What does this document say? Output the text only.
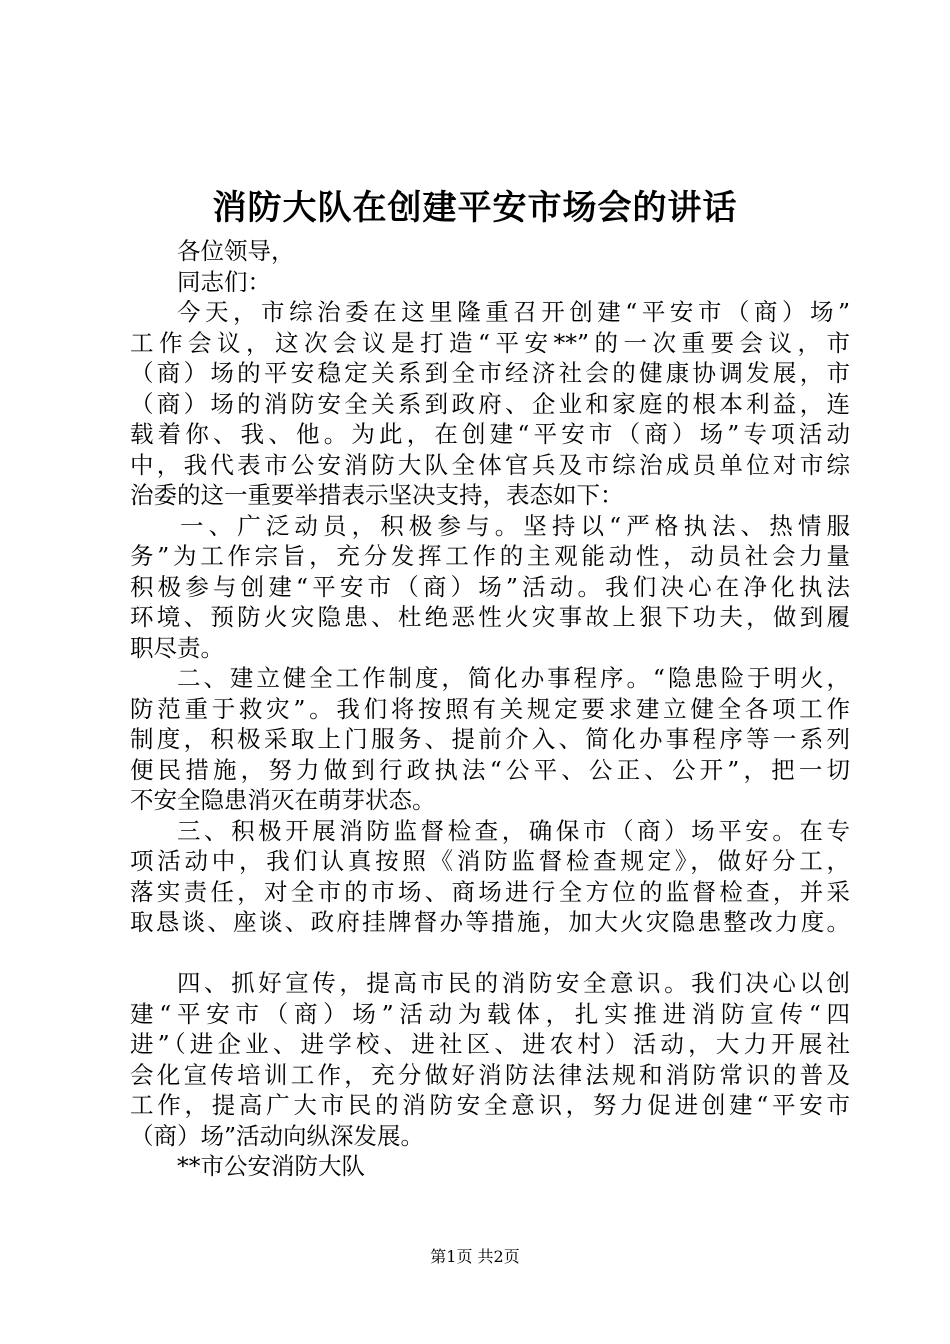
消防大队在创建平安市场会的讲话
各位领导，
同志们：
今天，市综治委在这里隆重召开创建“平安市（商）场”
工作会议，这次会议是打造“平安**”的一次重要会议，市
（商）场的平安稳定关系到全市经济社会的健康协调发展，市
（商）场的消防安全关系到政府、企业和家庭的根本利益，连
载着你、我、他。为此，在创建“平安市（商）场”专项活动
中，我代表市公安消防大队全体官兵及市综治成员单位对市综
治委的这一重要举措表示坚决支持，表态如下：
一、广泛动员，积极参与。坚持以“严格执法、热情服
务”为工作宗旨，充分发挥工作的主观能动性，动员社会力量
积极参与创建“平安市（商）场”活动。我们决心在净化执法
环境、预防火灾隐患、杜绝恶性火灾事故上狠下功夫，做到履
职尽责。
二、建立健全工作制度，简化办事程序。“隐患险于明火，
防范重于救灾”。我们将按照有关规定要求建立健全各项工作
制度，积极采取上门服务、提前介入、简化办事程序等一系列
便民措施，努力做到行政执法“公平、公正、公开”，把一切
不安全隐患消灭在萌芽状态。
三、积极开展消防监督检查，确保市（商）场平安。在专
项活动中，我们认真按照《消防监督检查规定》，做好分工，
落实责任，对全市的市场、商场进行全方位的监督检查，并采
取恳谈、座谈、政府挂牌督办等措施，加大火灾隐患整改力度。
四、抓好宣传，提高市民的消防安全意识。我们决心以创
建“平安市（商）场”活动为载体，扎实推进消防宣传“四
进”（进企业、进学校、进社区、进农村）活动，大力开展社
会化宣传培训工作，充分做好消防法律法规和消防常识的普及
工作，提高广大市民的消防安全意识，努力促进创建“平安市
（商）场”活动向纵深发展。
**市公安消防大队
第1页 共2页
